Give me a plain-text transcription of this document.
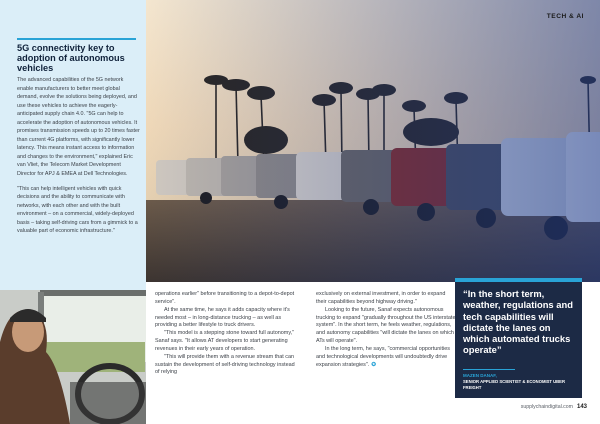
TECH & AI
5G connectivity key to adoption of autonomous vehicles

The advanced capabilities of the 5G network enable manufacturers to better meet global demand, evolve the solutions being deployed, and use these vehicles to achieve the eagerly-anticipated supply chain 4.0. "5G can help to accelerate the adoption of autonomous vehicles. It promises transmission speeds up to 20 times faster than current 4G platforms, with significantly lower latency. This means instant access to information and changes to the environment," explained Eric van Vliet, the Telecom Market Development Director for APJ & EMEA at Dell Technologies.

"This can help intelligent vehicles with quick decisions and the ability to communicate with networks, with each other and with the built environment – on a commercial, widely-deployed basis – taking self-driving cars from a gimmick to a valuable part of economic infrastructure."

operations earlier" before transitioning to a depot-to-depot service".

At the same time, he says it adds capacity where it's needed most – in long-distance trucking – as well as providing a better lifestyle to truck drivers.

"This model is a stepping stone toward full autonomy," Sanaf says. "It allows AT developers to start generating revenues in their early years of operation.

"This will provide them with a revenue stream that can sustain the development of self-driving technology instead of relying

exclusively on external investment, in order to expand their capabilities beyond highway driving."

Looking to the future, Sanaf expects autonomous trucking to expand "gradually throughout the US interstate system". In the short term, he feels weather, regulations, and autonomy capabilities "will dictate the lanes on which ATs will operate".

In the long term, he says, "commercial opportunities and technological developments will undoubtedly drive expansion strategies". ✪

“In the short term, weather, regulations and tech capabilities will dictate the lanes on which automated trucks operate”
MAZEN DANAF,
SENIOR APPLIED SCIENTIST & ECONOMIST UBER FREIGHT
supplychaindigital.com 143
